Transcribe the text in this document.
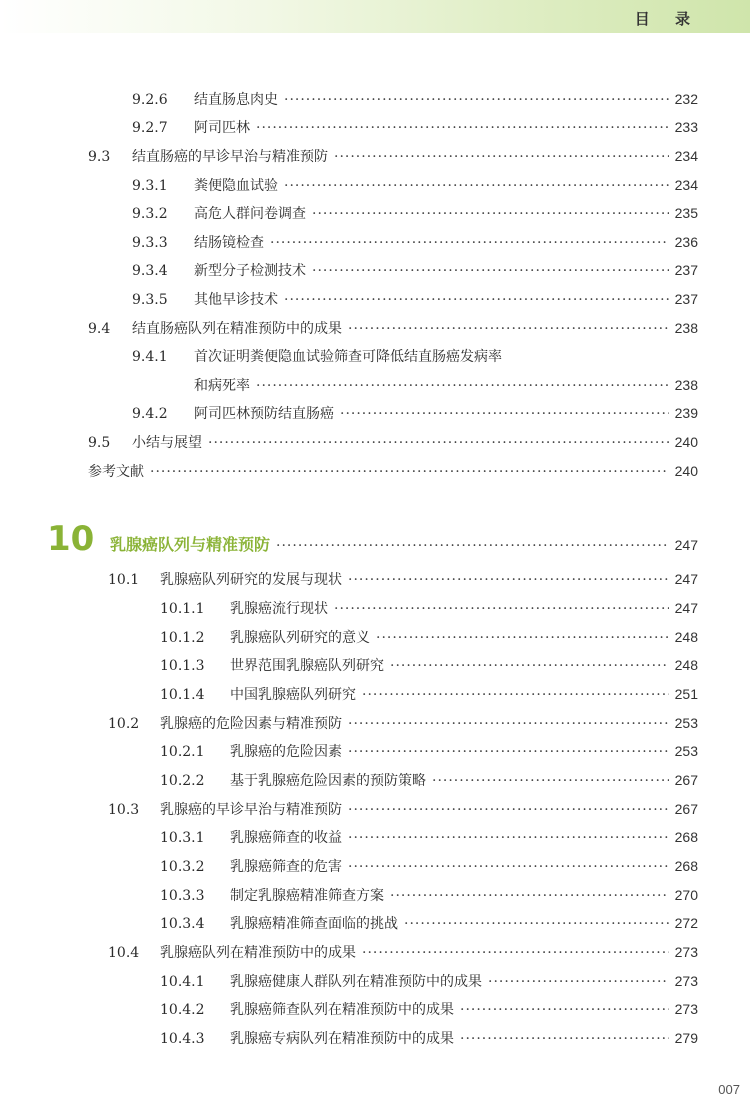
目 录
9.2.6	结直肠息肉史 ·····	232
9.2.7	阿司匹林 ·····	233
9.3	结直肠癌的早诊早治与精准预防 ·····	234
9.3.1	粪便隐血试验 ·····	234
9.3.2	高危人群问卷调查 ·····	235
9.3.3	结肠镜检查 ·····	236
9.3.4	新型分子检测技术 ·····	237
9.3.5	其他早诊技术 ·····	237
9.4	结直肠癌队列在精准预防中的成果 ·····	238
9.4.1 首次证明粪便隐血试验筛查可降低结直肠癌发病率
和病死率 ·····	238
9.4.2	阿司匹林预防结直肠癌 ·····	239
9.5	小结与展望 ·····	240
参考文献 ·····	240
10 乳腺癌队列与精准预防 ·····	247
10.1	乳腺癌队列研究的发展与现状 ·····	247
10.1.1	乳腺癌流行现状 ·····	247
10.1.2	乳腺癌队列研究的意义 ·····	248
10.1.3	世界范围乳腺癌队列研究 ·····	248
10.1.4	中国乳腺癌队列研究 ·····	251
10.2	乳腺癌的危险因素与精准预防 ·····	253
10.2.1	乳腺癌的危险因素 ·····	253
10.2.2	基于乳腺癌危险因素的预防策略 ·····	267
10.3	乳腺癌的早诊早治与精准预防 ·····	267
10.3.1	乳腺癌筛查的收益 ·····	268
10.3.2	乳腺癌筛查的危害 ·····	268
10.3.3	制定乳腺癌精准筛查方案 ·····	270
10.3.4	乳腺癌精准筛查面临的挑战 ·····	272
10.4	乳腺癌队列在精准预防中的成果 ·····	273
10.4.1	乳腺癌健康人群队列在精准预防中的成果 ·····	273
10.4.2	乳腺癌筛查队列在精准预防中的成果 ·····	273
10.4.3	乳腺癌专病队列在精准预防中的成果 ·····	279
007
